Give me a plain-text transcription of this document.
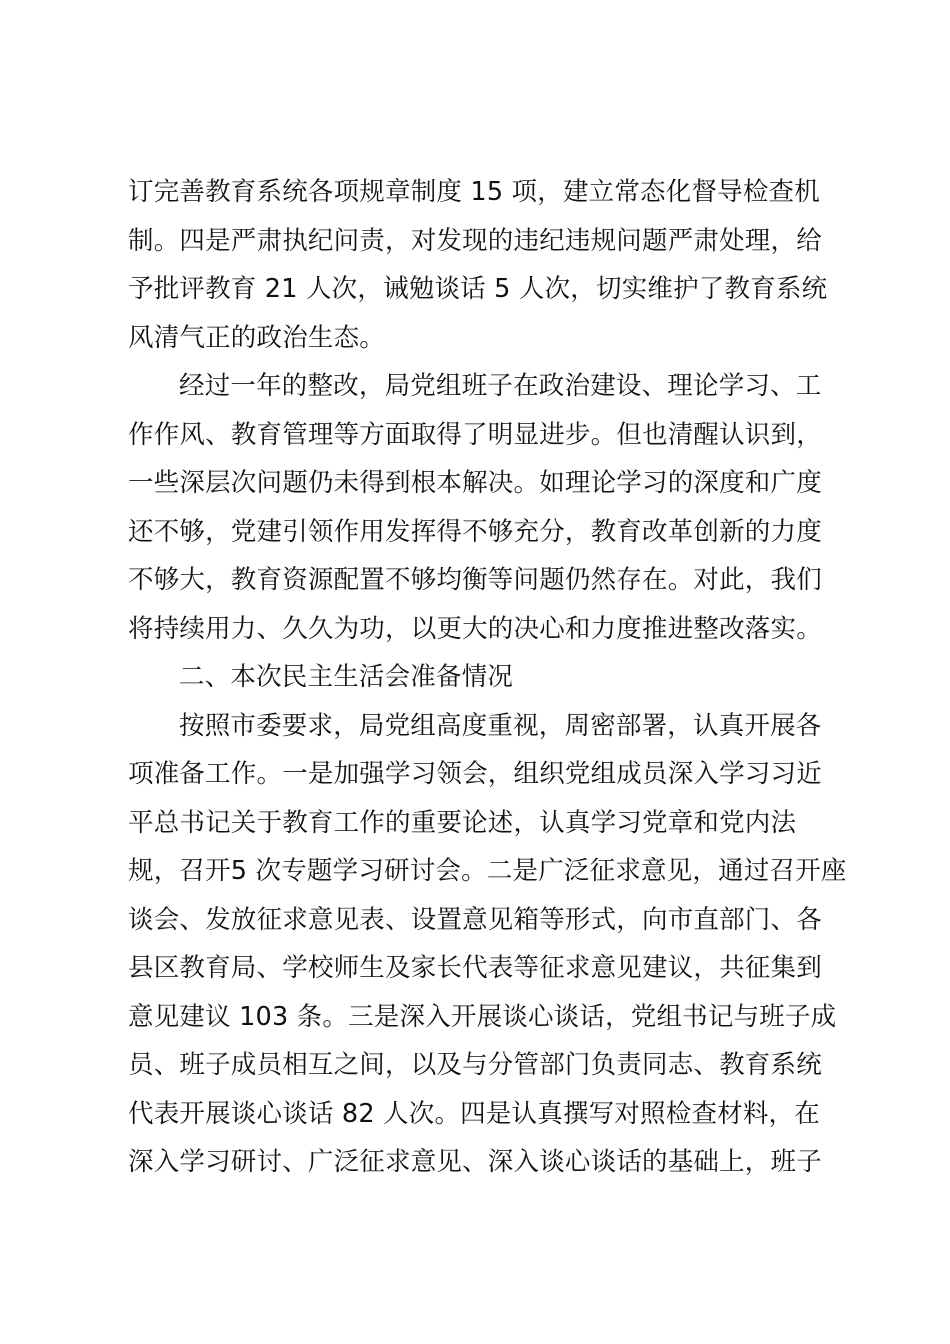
订完善教育系统各项规章制度 15 项，建立常态化督导检查机
制。四是严肃执纪问责，对发现的违纪违规问题严肃处理，给
予批评教育 21 人次，诫勉谈话 5 人次，切实维护了教育系统
风清气正的政治生态。
经过一年的整改，局党组班子在政治建设、理论学习、工
作作风、教育管理等方面取得了明显进步。但也清醒认识到，
一些深层次问题仍未得到根本解决。如理论学习的深度和广度
还不够，党建引领作用发挥得不够充分，教育改革创新的力度
不够大，教育资源配置不够均衡等问题仍然存在。对此，我们
将持续用力、久久为功，以更大的决心和力度推进整改落实。
二、本次民主生活会准备情况
按照市委要求，局党组高度重视，周密部署，认真开展各
项准备工作。一是加强学习领会，组织党组成员深入学习习近
平总书记关于教育工作的重要论述，认真学习党章和党内法
规，召开5 次专题学习研讨会。二是广泛征求意见，通过召开座
谈会、发放征求意见表、设置意见箱等形式，向市直部门、各
县区教育局、学校师生及家长代表等征求意见建议，共征集到
意见建议 103 条。三是深入开展谈心谈话，党组书记与班子成
员、班子成员相互之间，以及与分管部门负责同志、教育系统
代表开展谈心谈话 82 人次。四是认真撰写对照检查材料，在
深入学习研讨、广泛征求意见、深入谈心谈话的基础上，班子
